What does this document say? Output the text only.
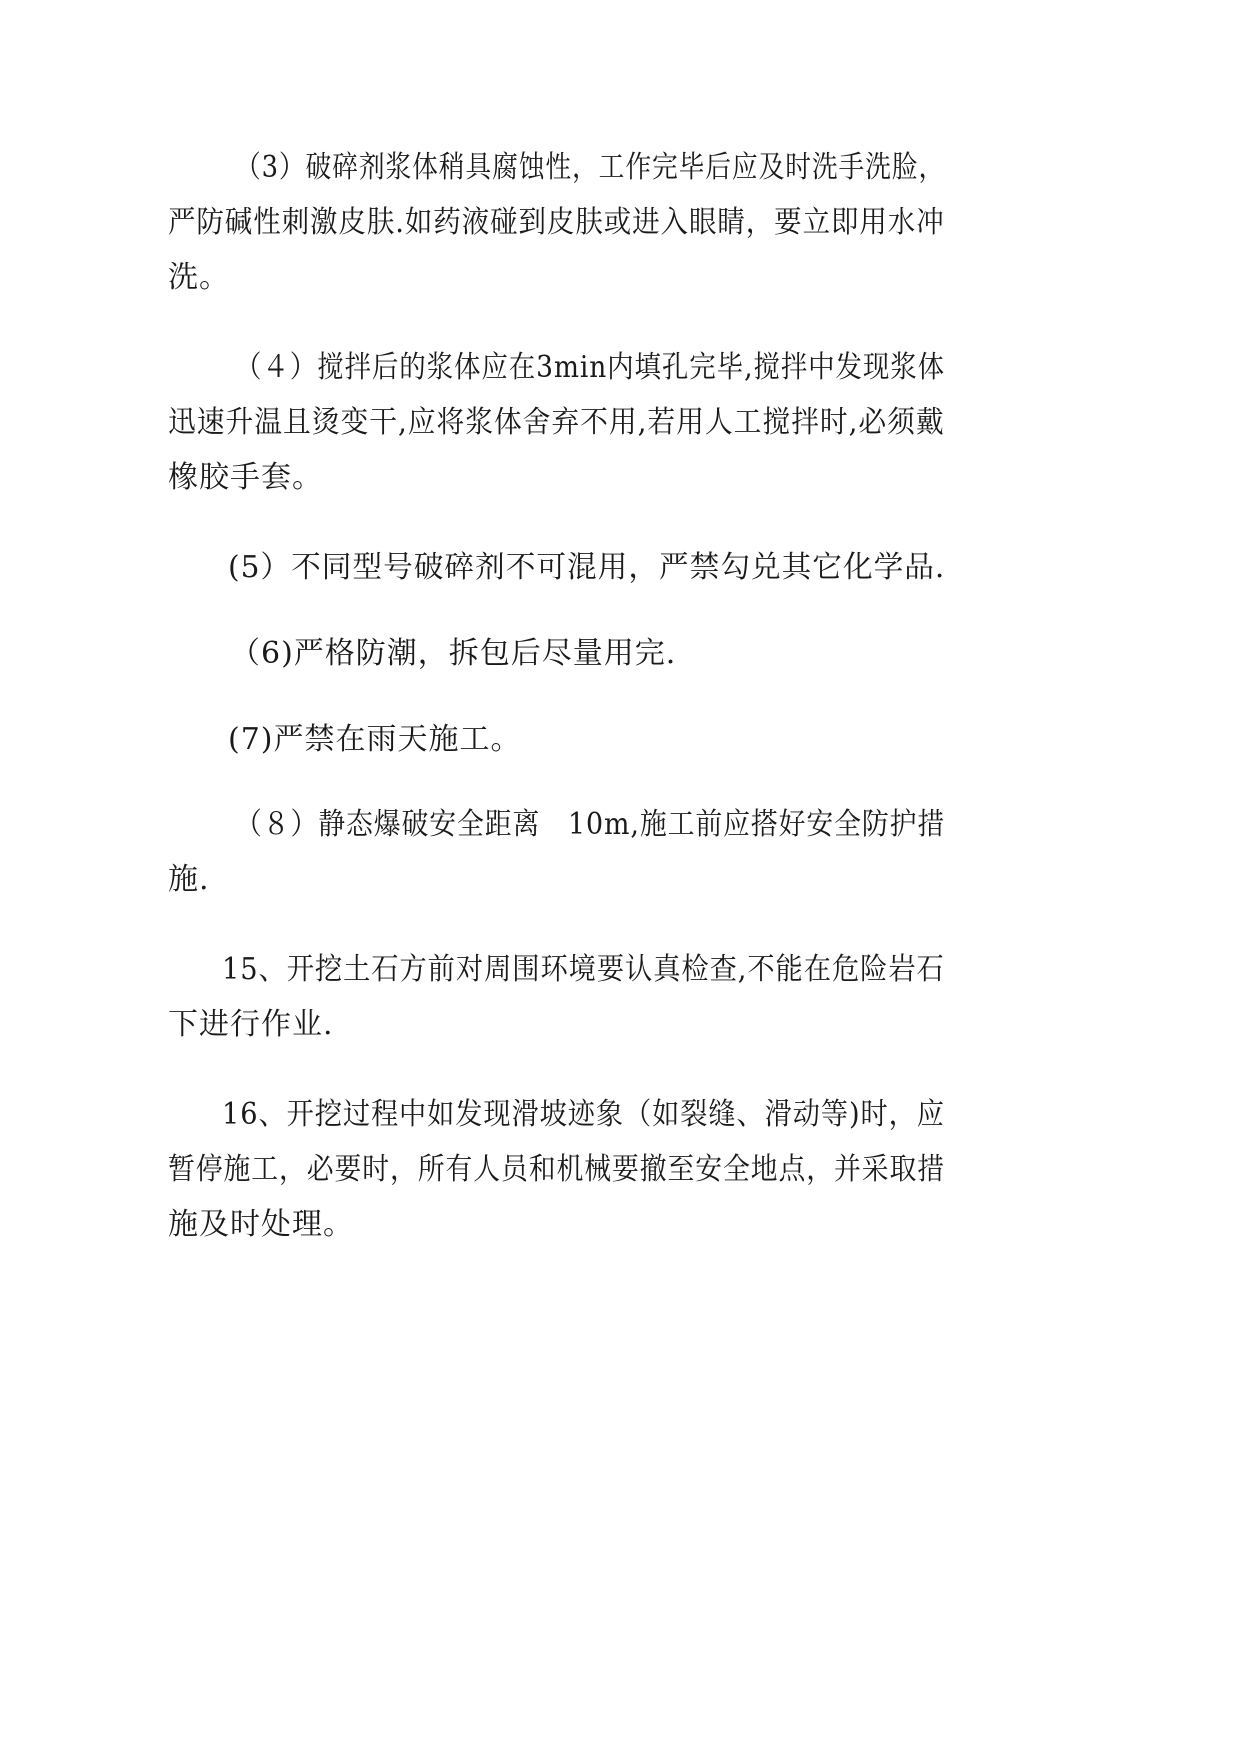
（3）破碎剂浆体稍具腐蚀性，工作完毕后应及时洗手洗脸，
严防碱性刺激皮肤.如药液碰到皮肤或进入眼睛，要立即用水冲
洗。
（４）搅拌后的浆体应在3min内填孔完毕,搅拌中发现浆体
迅速升温且烫变干,应将浆体舍弃不用,若用人工搅拌时,必须戴
橡胶手套。
(5）不同型号破碎剂不可混用，严禁勾兑其它化学品.
（6)严格防潮，拆包后尽量用完.
(7)严禁在雨天施工。
（８）静态爆破安全距离　10m,施工前应搭好安全防护措
施.
15、开挖土石方前对周围环境要认真检查,不能在危险岩石
下进行作业.
16、开挖过程中如发现滑坡迹象（如裂缝、滑动等)时，应
暂停施工，必要时，所有人员和机械要撤至安全地点，并采取措
施及时处理。
